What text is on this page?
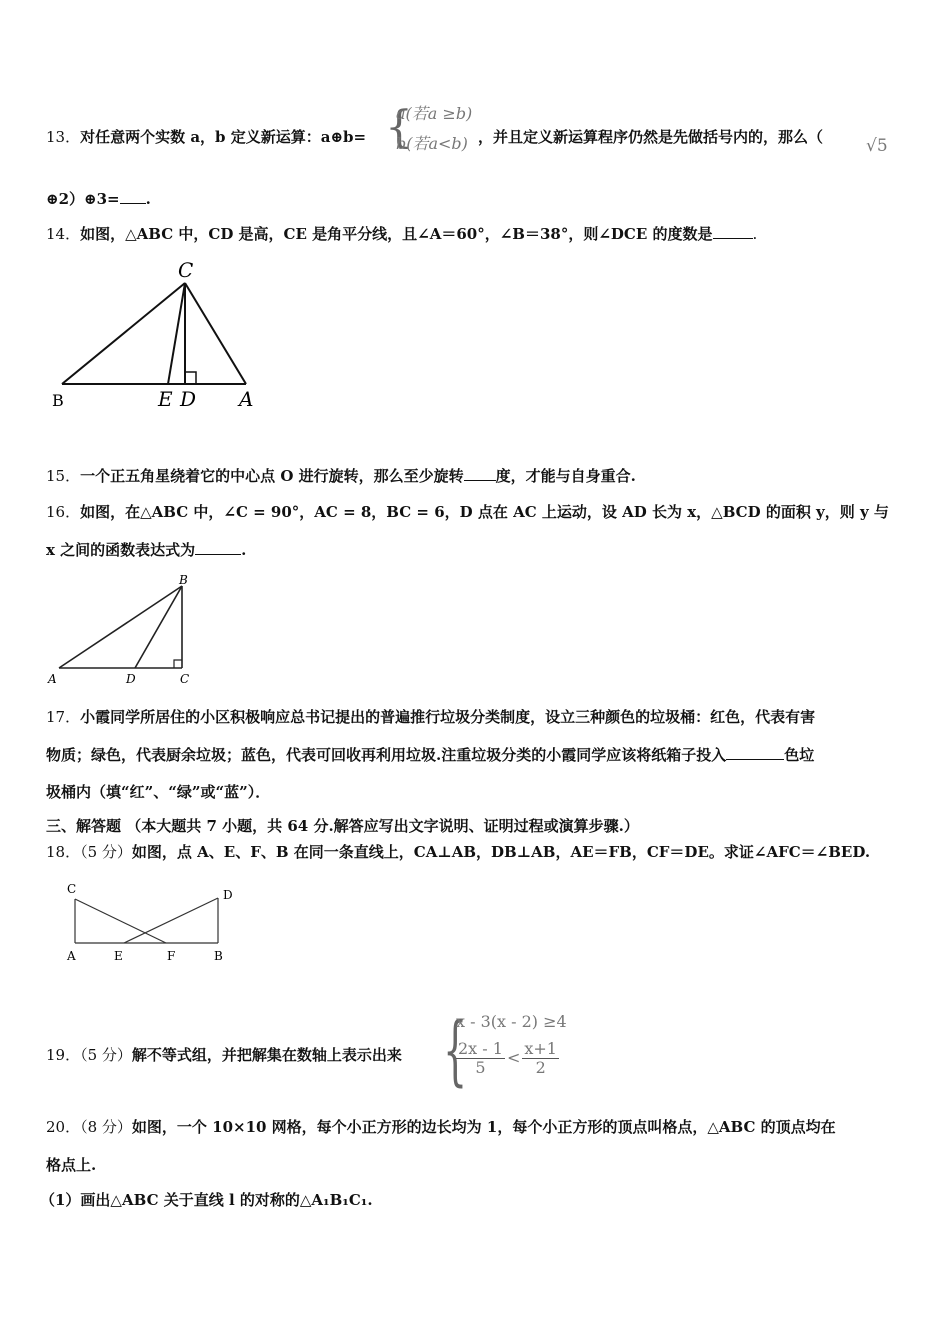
13．对任意两个实数 a，b 定义新运算：a⊕b= {
a(若a ≥b)
b(若a<b) ，并且定义新运算程序仍然是先做括号内的，那么（	√5
⊕2）⊕3= .
14．如图，△ABC 中，CD 是高，CE 是角平分线，且∠A＝60°，∠B＝38°，则∠DCE 的度数是	.
C
B	E D A
15．一个正五角星绕着它的中心点 O 进行旋转，那么至少旋转 度，才能与自身重合.
16．如图，在△ABC 中，∠C = 90°，AC = 8，BC = 6，D 点在 AC 上运动，设 AD 长为 x，△BCD 的面积 y，则 y 与
x 之间的函数表达式为	.
B
A	D	C
17．小霞同学所居住的小区积极响应总书记提出的普遍推行垃圾分类制度，设立三种颜色的垃圾桶：红色，代表有害
物质；绿色，代表厨余垃圾；蓝色，代表可回收再利用垃圾.注重垃圾分类的小霞同学应该将纸箱子投入	色垃
圾桶内（填“红”、“绿”或“蓝”）．
三、解答题 （本大题共 7 小题，共 64 分.解答应写出文字说明、证明过程或演算步骤.）
18．（5 分）如图，点 A、E、F、B 在同一条直线上，CA⊥AB，DB⊥AB，AE＝FB，CF＝DE。求证∠AFC＝∠BED.
C	D
A	E	F	B
19．（5 分）解不等式组，并把解集在数轴上表示出来 {
x - 3(x - 2) ≥4
$\frac{2x - 1}{5} < \frac{x+1}{2}$
20．（8 分）如图，一个 10×10 网格，每个小正方形的边长均为 1，每个小正方形的顶点叫格点，△ABC 的顶点均在
格点上.
（1）画出△ABC 关于直线 l 的对称的△A₁B₁C₁.
